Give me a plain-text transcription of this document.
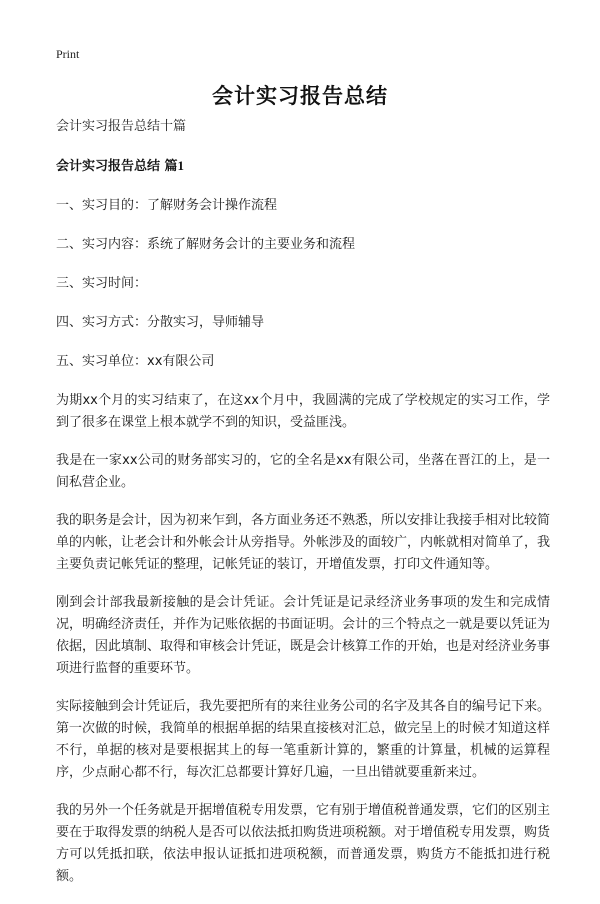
Print
会计实习报告总结

会计实习报告总结十篇

会计实习报告总结 篇1

一、实习目的：了解财务会计操作流程

二、实习内容：系统了解财务会计的主要业务和流程

三、实习时间：

四、实习方式：分散实习，导师辅导

五、实习单位：xx有限公司

为期xx个月的实习结束了，在这xx个月中，我圆满的完成了学校规定的实习工作，学到了很多在课堂上根本就学不到的知识，受益匪浅。

我是在一家xx公司的财务部实习的，它的全名是xx有限公司，坐落在晋江的上，是一间私营企业。

我的职务是会计，因为初来乍到，各方面业务还不熟悉，所以安排让我接手相对比较简单的内帐，让老会计和外帐会计从旁指导。外帐涉及的面较广，内帐就相对简单了，我主要负责记帐凭证的整理，记帐凭证的装订，开增值发票，打印文件通知等。

刚到会计部我最新接触的是会计凭证。会计凭证是记录经济业务事项的发生和完成情况，明确经济责任，并作为记账依据的书面证明。会计的三个特点之一就是要以凭证为依据，因此填制、取得和审核会计凭证，既是会计核算工作的开始，也是对经济业务事项进行监督的重要环节。

实际接触到会计凭证后，我先要把所有的来往业务公司的名字及其各自的编号记下来。第一次做的时候，我简单的根据单据的结果直接核对汇总，做完呈上的时候才知道这样不行，单据的核对是要根据其上的每一笔重新计算的，繁重的计算量，机械的运算程序，少点耐心都不行，每次汇总都要计算好几遍，一旦出错就要重新来过。

我的另外一个任务就是开据增值税专用发票，它有别于增值税普通发票，它们的区别主要在于取得发票的纳税人是否可以依法抵扣购货进项税额。对于增值税专用发票，购货方可以凭抵扣联，依法申报认证抵扣进项税额，而普通发票，购货方不能抵扣进行税额。
